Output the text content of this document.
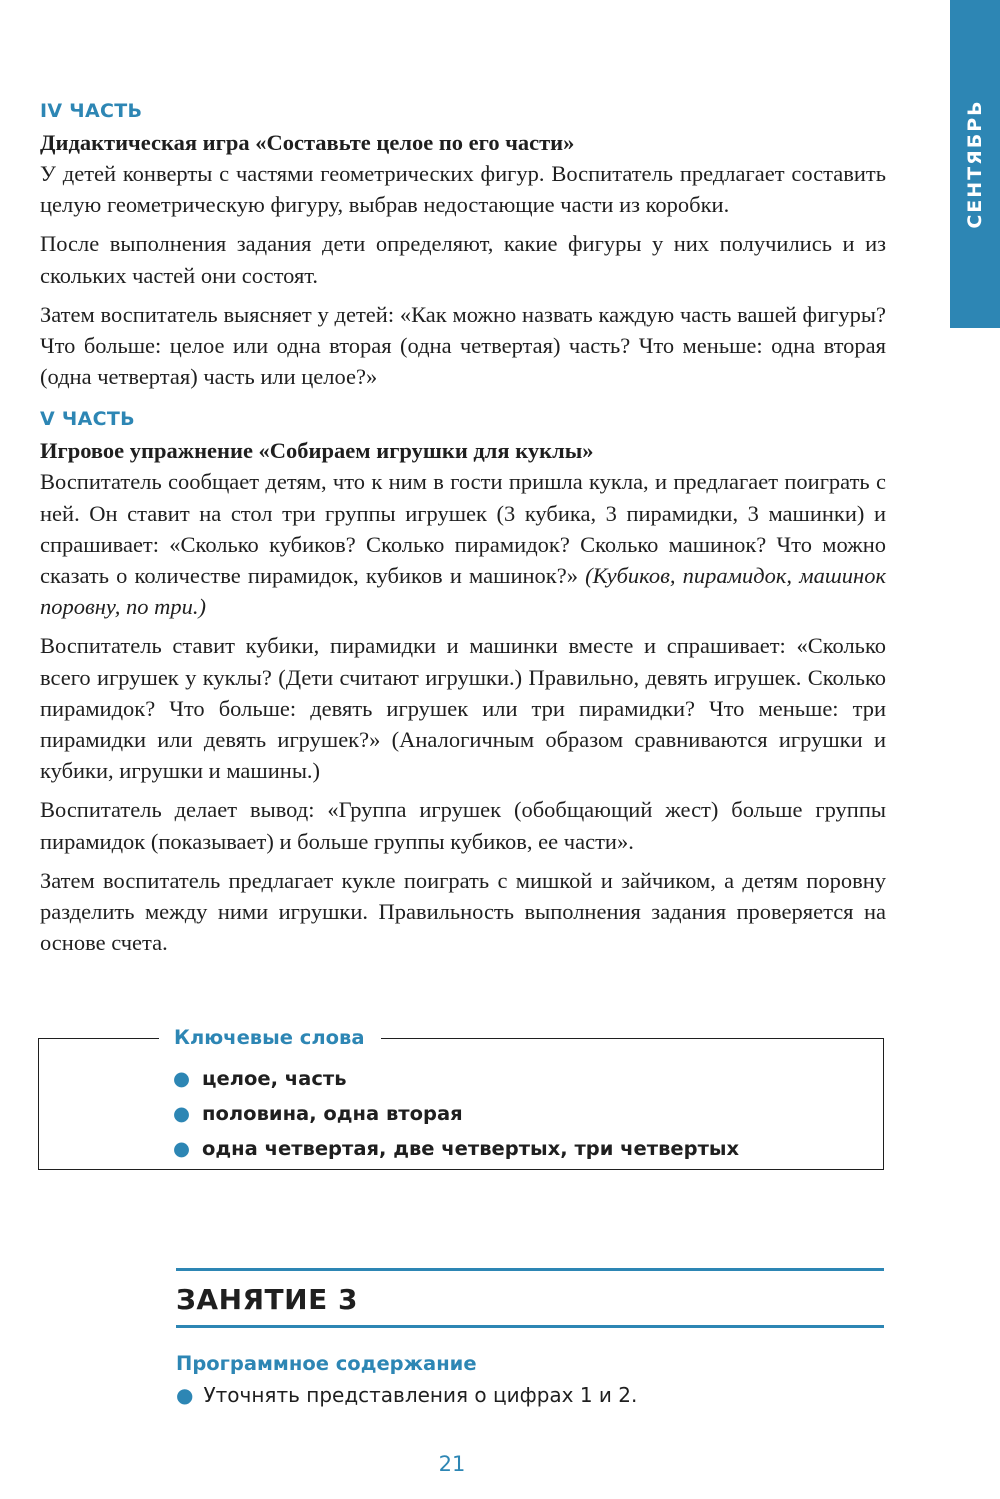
СЕНТЯБРЬ
IV ЧАСТЬ
Дидактическая игра «Составьте целое по его части»

У детей конверты с частями геометрических фигур. Воспитатель предлагает составить целую геометрическую фигуру, выбрав недостающие части из коробки.

После выполнения задания дети определяют, какие фигуры у них получились и из скольких частей они состоят.

Затем воспитатель выясняет у детей: «Как можно назвать каждую часть вашей фигуры? Что больше: целое или одна вторая (одна четвертая) часть? Что меньше: одна вторая (одна четвертая) часть или целое?»

V ЧАСТЬ
Игровое упражнение «Собираем игрушки для куклы»

Воспитатель сообщает детям, что к ним в гости пришла кукла, и предлагает поиграть с ней. Он ставит на стол три группы игрушек (3 кубика, 3 пирамидки, 3 машинки) и спрашивает: «Сколько кубиков? Сколько пирамидок? Сколько машинок? Что можно сказать о количестве пирамидок, кубиков и машинок?» (Кубиков, пирамидок, машинок поровну, по три.)

Воспитатель ставит кубики, пирамидки и машинки вместе и спрашивает: «Сколько всего игрушек у куклы? (Дети считают игрушки.) Правильно, девять игрушек. Сколько пирамидок? Что больше: девять игрушек или три пирамидки? Что меньше: три пирамидки или девять игрушек?» (Аналогичным образом сравниваются игрушки и кубики, игрушки и машины.)

Воспитатель делает вывод: «Группа игрушек (обобщающий жест) больше группы пирамидок (показывает) и больше группы кубиков, ее части».

Затем воспитатель предлагает кукле поиграть с мишкой и зайчиком, а детям поровну разделить между ними игрушки. Правильность выполнения задания проверяется на основе счета.

Ключевые слова
● целое, часть
● половина, одна вторая
● одна четвертая, две четвертых, три четвертых
ЗАНЯТИЕ 3
Программное содержание

● Уточнять представления о цифрах 1 и 2.

21
